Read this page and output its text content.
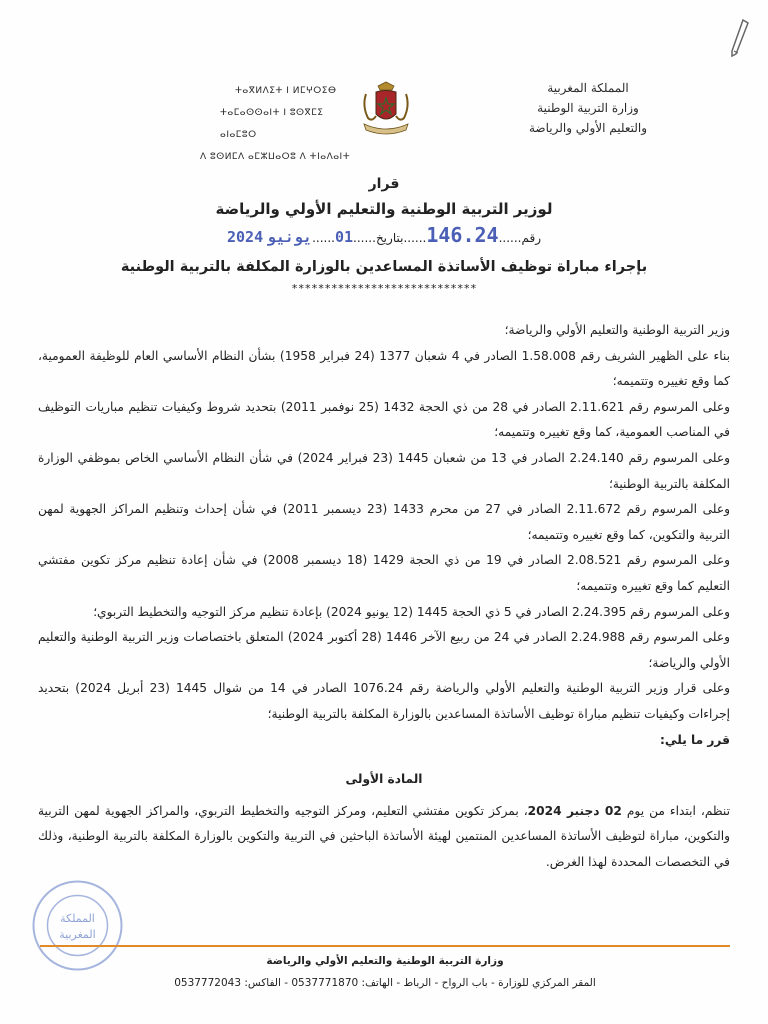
المملكة المغربية
وزارة التربية الوطنية
والتعليم الأولي والرياضة
ⵜⴰⴳⵍⴷⵉⵜ ⵏ ⵍⵎⵖⵔⵉⴱ
ⵜⴰⵎⴰⵙⵙⴰⵏⵜ ⵏ ⵓⵙⴳⵎⵉ ⴰⵏⴰⵎⵓⵔ
ⴷ ⵓⵙⵍⵎⴷ ⴰⵎⵣⵡⴰⵔⵓ ⴷ ⵜⵏⴰⴷⴰⵏⵜ
قرار
لوزير التربية الوطنية والتعليم الأولي والرياضة
رقم......146.24......بتاريخ......01......يونيو 2024
بإجراء مباراة توظيف الأساتذة المساعدين بالوزارة المكلفة بالتربية الوطنية
****************************

وزير التربية الوطنية والتعليم الأولي والرياضة؛

بناء على الظهير الشريف رقم 1.58.008 الصادر في 4 شعبان 1377 (24 فبراير 1958) بشأن النظام الأساسي العام للوظيفة العمومية، كما وقع تغييره وتتميمه؛

وعلى المرسوم رقم 2.11.621 الصادر في 28 من ذي الحجة 1432 (25 نوفمبر 2011) بتحديد شروط وكيفيات تنظيم مباريات التوظيف في المناصب العمومية، كما وقع تغييره وتتميمه؛

وعلى المرسوم رقم 2.24.140 الصادر في 13 من شعبان 1445 (23 فبراير 2024) في شأن النظام الأساسي الخاص بموظفي الوزارة المكلفة بالتربية الوطنية؛

وعلى المرسوم رقم 2.11.672 الصادر في 27 من محرم 1433 (23 ديسمبر 2011) في شأن إحداث وتنظيم المراكز الجهوية لمهن التربية والتكوين، كما وقع تغييره وتتميمه؛

وعلى المرسوم رقم 2.08.521 الصادر في 19 من ذي الحجة 1429 (18 ديسمبر 2008) في شأن إعادة تنظيم مركز تكوين مفتشي التعليم كما وقع تغييره وتتميمه؛

وعلى المرسوم رقم 2.24.395 الصادر في 5 ذي الحجة 1445 (12 يونيو 2024) بإعادة تنظيم مركز التوجيه والتخطيط التربوي؛

وعلى المرسوم رقم 2.24.988 الصادر في 24 من ربيع الآخر 1446 (28 أكتوبر 2024) المتعلق باختصاصات وزير التربية الوطنية والتعليم الأولي والرياضة؛

وعلى قرار وزير التربية الوطنية والتعليم الأولي والرياضة رقم 1076.24 الصادر في 14 من شوال 1445 (23 أبريل 2024) بتحديد إجراءات وكيفيات تنظيم مباراة توظيف الأساتذة المساعدين بالوزارة المكلفة بالتربية الوطنية؛

قرر ما يلي:

المادة الأولى

تنظم، ابتداء من يوم 02 دجنبر 2024، بمركز تكوين مفتشي التعليم، ومركز التوجيه والتخطيط التربوي، والمراكز الجهوية لمهن التربية والتكوين، مباراة لتوظيف الأساتذة المساعدين المنتمين لهيئة الأساتذة الباحثين في التربية والتكوين بالوزارة المكلفة بالتربية الوطنية، وذلك في التخصصات المحددة لهذا الغرض.

المملكة
المغربية
وزارة التربية الوطنية والتعليم الأولي والرياضة
المقر المركزي للوزارة - باب الرواح - الرباط - الهاتف: 0537771870 - الفاكس: 0537772043
